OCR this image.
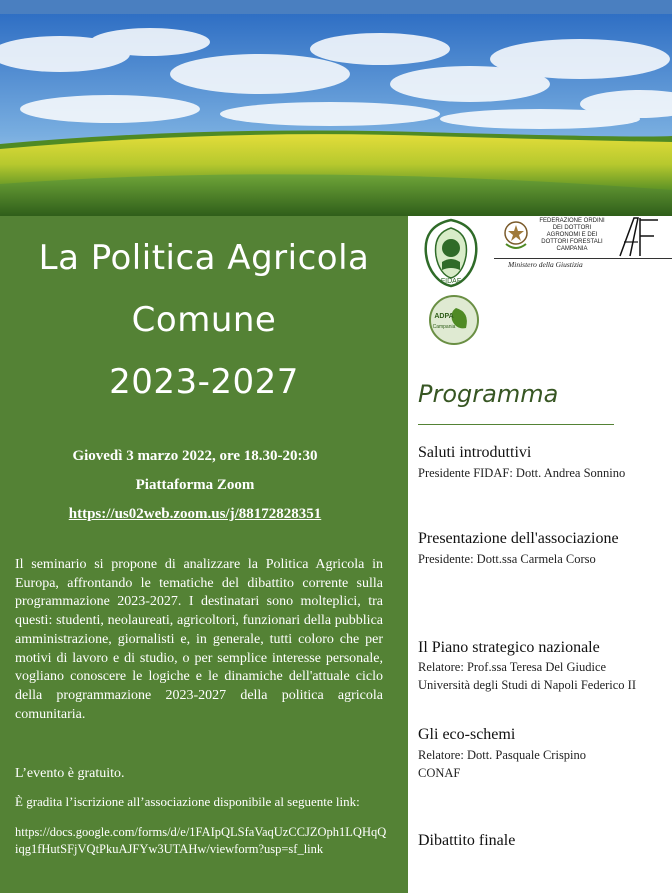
La Politica Agricola
Comune
2023-2027
Giovedì 3 marzo 2022, ore 18.30-20:30
Piattaforma Zoom
https://us02web.zoom.us/j/88172828351

Il seminario si propone di analizzare la Politica Agricola in Europa, affrontando le tematiche del dibattito corrente sulla programmazione 2023-2027. I destinatari sono molteplici, tra questi: studenti, neolaureati, agricoltori, funzionari della pubblica amministrazione, giornalisti e, in generale, tutti coloro che per motivi di lavoro e di studio, o per semplice interesse personale, vogliano conoscere le logiche e le dinamiche dell'attuale ciclo della programmazione 2023-2027 della politica agricola comunitaria.

L’evento è gratuito.
È gradita l’iscrizione all’associazione disponibile al seguente link:
https://docs.google.com/forms/d/e/1FAIpQLSfaVaqUzCCJZOph1LQHqQiqg1fHutSFjVQtPkuAJFYw3UTAHw/viewform?usp=sf_link
FIDAF
ADPA
Campania
FEDERAZIONE ORDINI DEI DOTTORI AGRONOMI E DEI DOTTORI FORESTALI CAMPANIA
Ministero della Giustizia
Programma
Saluti introduttivi
Presidente FIDAF: Dott. Andrea Sonnino
Presentazione dell'associazione
Presidente: Dott.ssa Carmela Corso
Il Piano strategico nazionale
Relatore: Prof.ssa Teresa Del Giudice
Università degli Studi di Napoli Federico II
Gli eco-schemi
Relatore: Dott. Pasquale Crispino
CONAF
Dibattito finale
